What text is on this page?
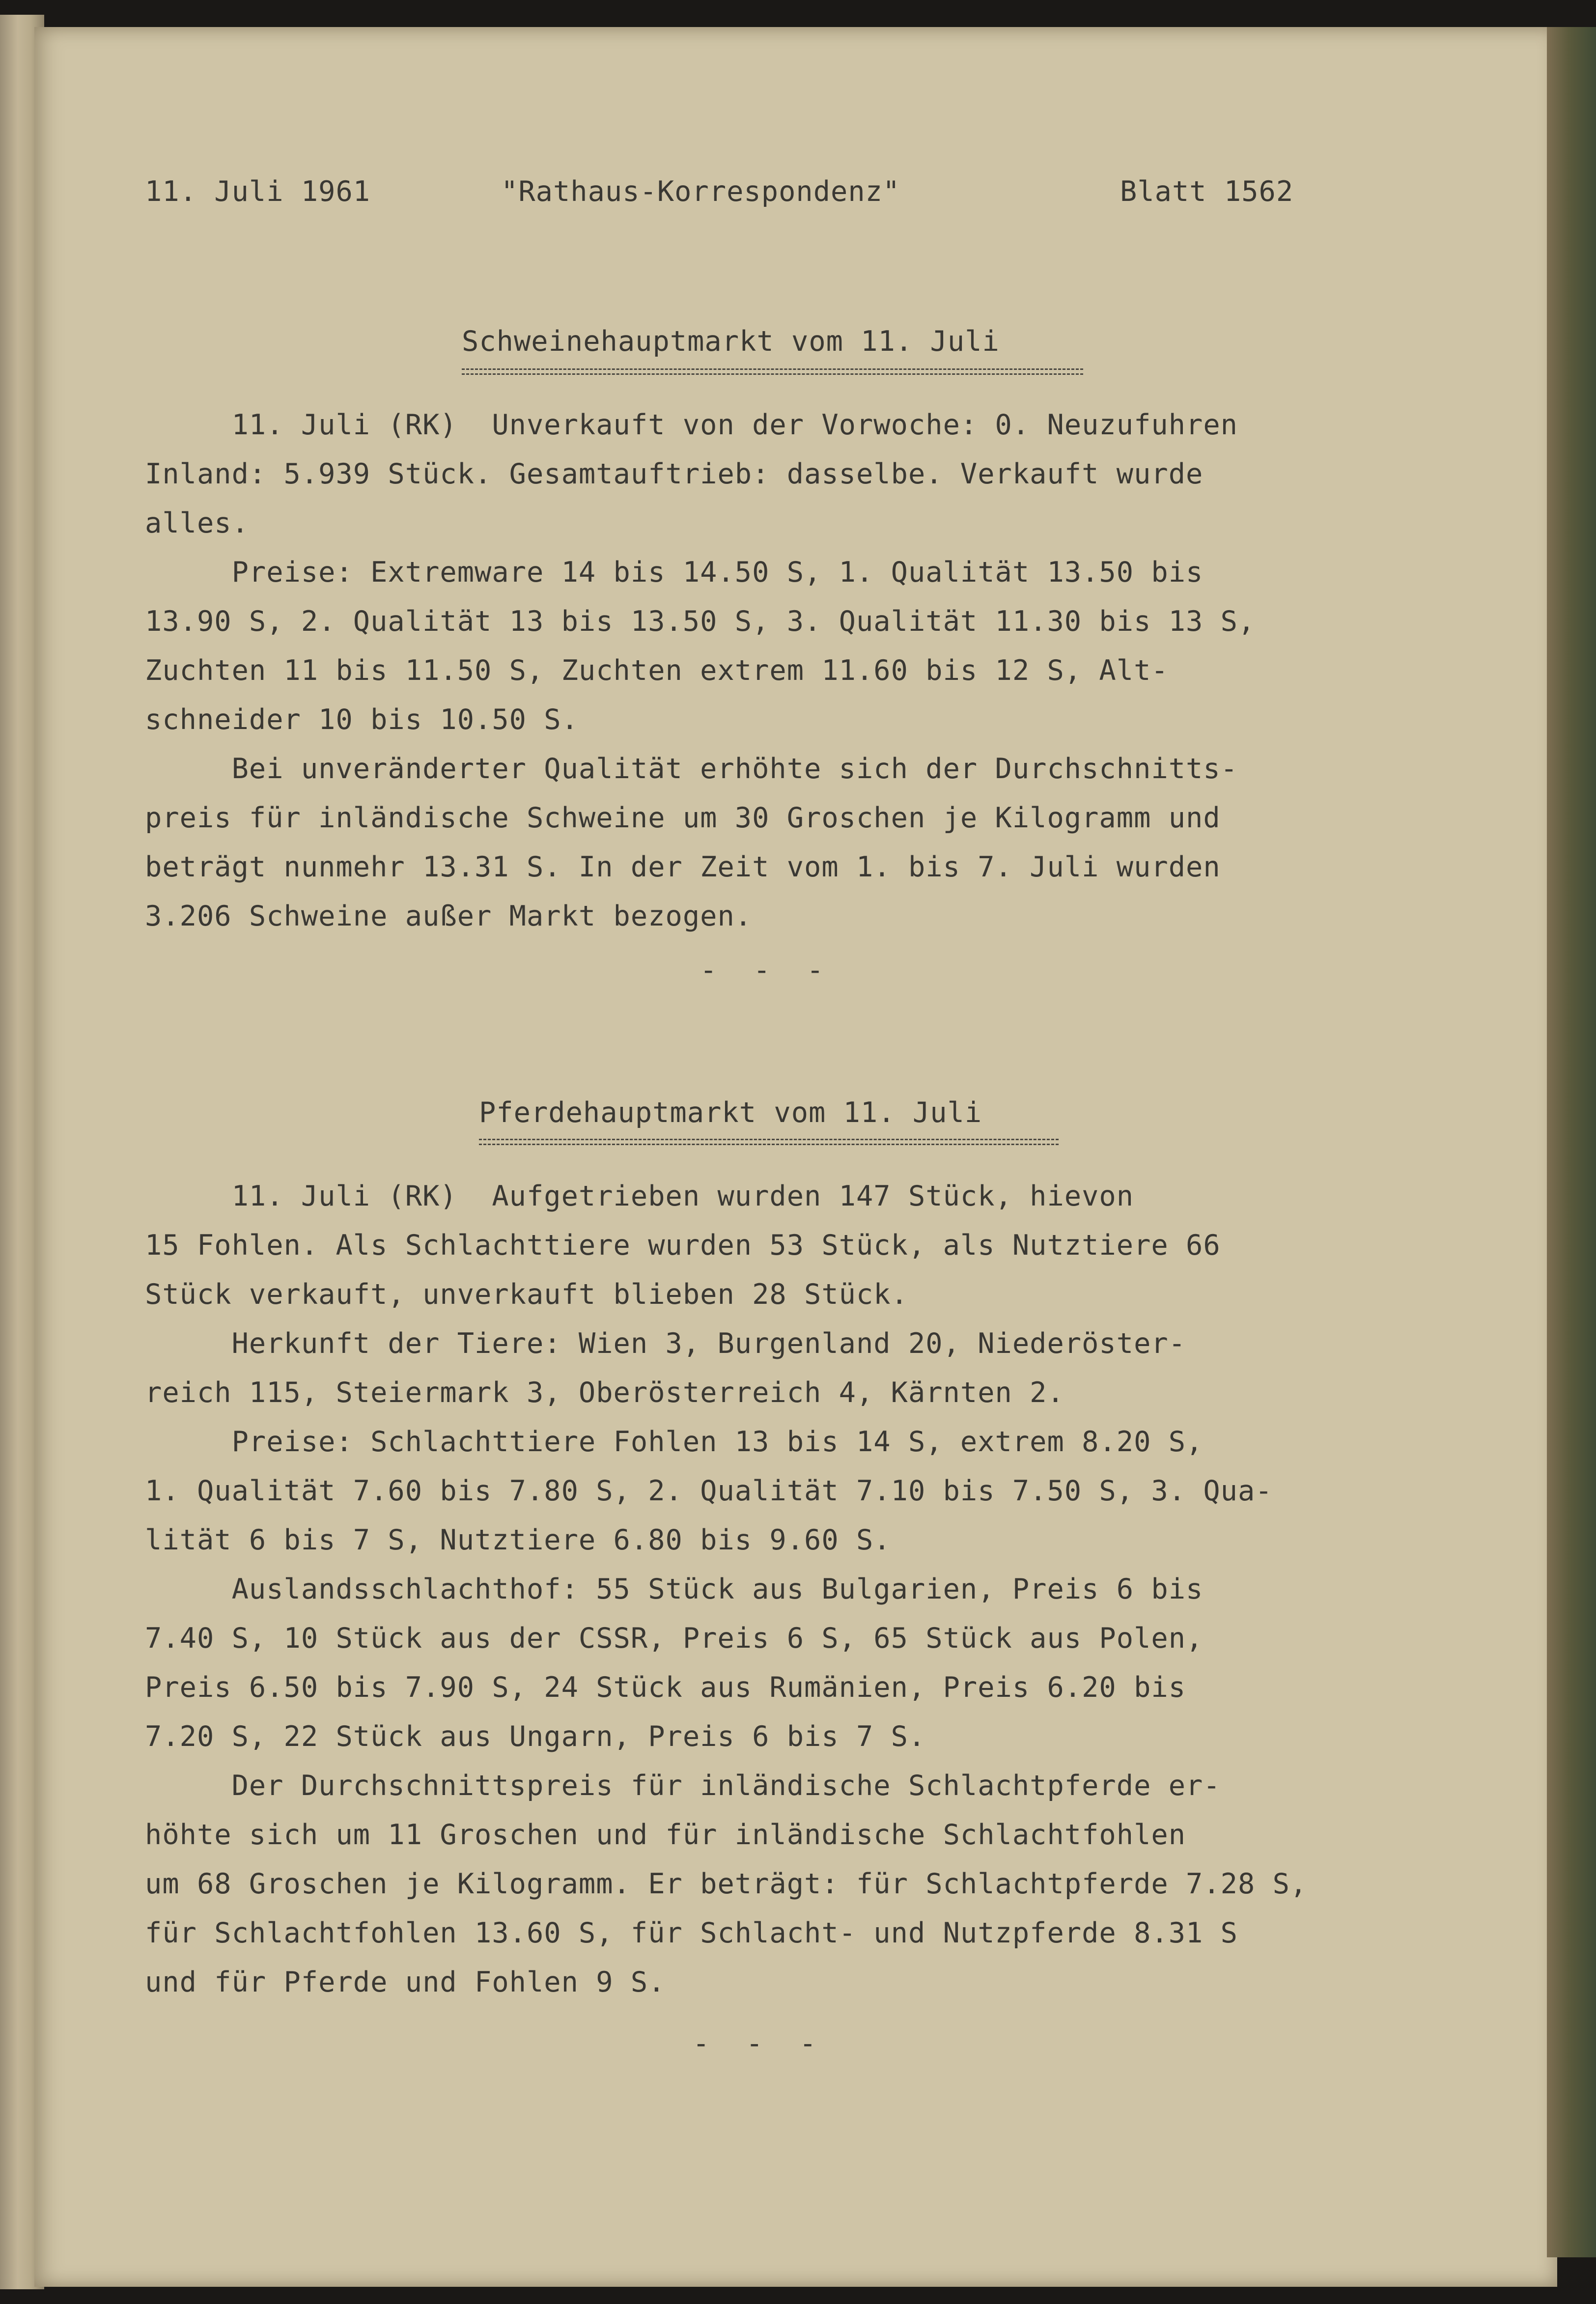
11. Juli 1961	"Rathaus-Korrespondenz"	Blatt 1562
Schweinehauptmarkt vom 11. Juli
11. Juli (RK)  Unverkauft von der Vorwoche: 0. Neuzufuhren
Inland: 5.939 Stück. Gesamtauftrieb: dasselbe. Verkauft wurde
alles.
Preise: Extremware 14 bis 14.50 S, 1. Qualität 13.50 bis
13.90 S, 2. Qualität 13 bis 13.50 S, 3. Qualität 11.30 bis 13 S,
Zuchten 11 bis 11.50 S, Zuchten extrem 11.60 bis 12 S, Alt-
schneider 10 bis 10.50 S.
Bei unveränderter Qualität erhöhte sich der Durchschnitts-
preis für inländische Schweine um 30 Groschen je Kilogramm und
beträgt nunmehr 13.31 S. In der Zeit vom 1. bis 7. Juli wurden
3.206 Schweine außer Markt bezogen.
- - -
Pferdehauptmarkt vom 11. Juli
11. Juli (RK)  Aufgetrieben wurden 147 Stück, hievon
15 Fohlen. Als Schlachttiere wurden 53 Stück, als Nutztiere 66
Stück verkauft, unverkauft blieben 28 Stück.
Herkunft der Tiere: Wien 3, Burgenland 20, Niederöster-
reich 115, Steiermark 3, Oberösterreich 4, Kärnten 2.
Preise: Schlachttiere Fohlen 13 bis 14 S, extrem 8.20 S,
1. Qualität 7.60 bis 7.80 S, 2. Qualität 7.10 bis 7.50 S, 3. Qua-
lität 6 bis 7 S, Nutztiere 6.80 bis 9.60 S.
Auslandsschlachthof: 55 Stück aus Bulgarien, Preis 6 bis
7.40 S, 10 Stück aus der CSSR, Preis 6 S, 65 Stück aus Polen,
Preis 6.50 bis 7.90 S, 24 Stück aus Rumänien, Preis 6.20 bis
7.20 S, 22 Stück aus Ungarn, Preis 6 bis 7 S.
Der Durchschnittspreis für inländische Schlachtpferde er-
höhte sich um 11 Groschen und für inländische Schlachtfohlen
um 68 Groschen je Kilogramm. Er beträgt: für Schlachtpferde 7.28 S,
für Schlachtfohlen 13.60 S, für Schlacht- und Nutzpferde 8.31 S
und für Pferde und Fohlen 9 S.
- - -
